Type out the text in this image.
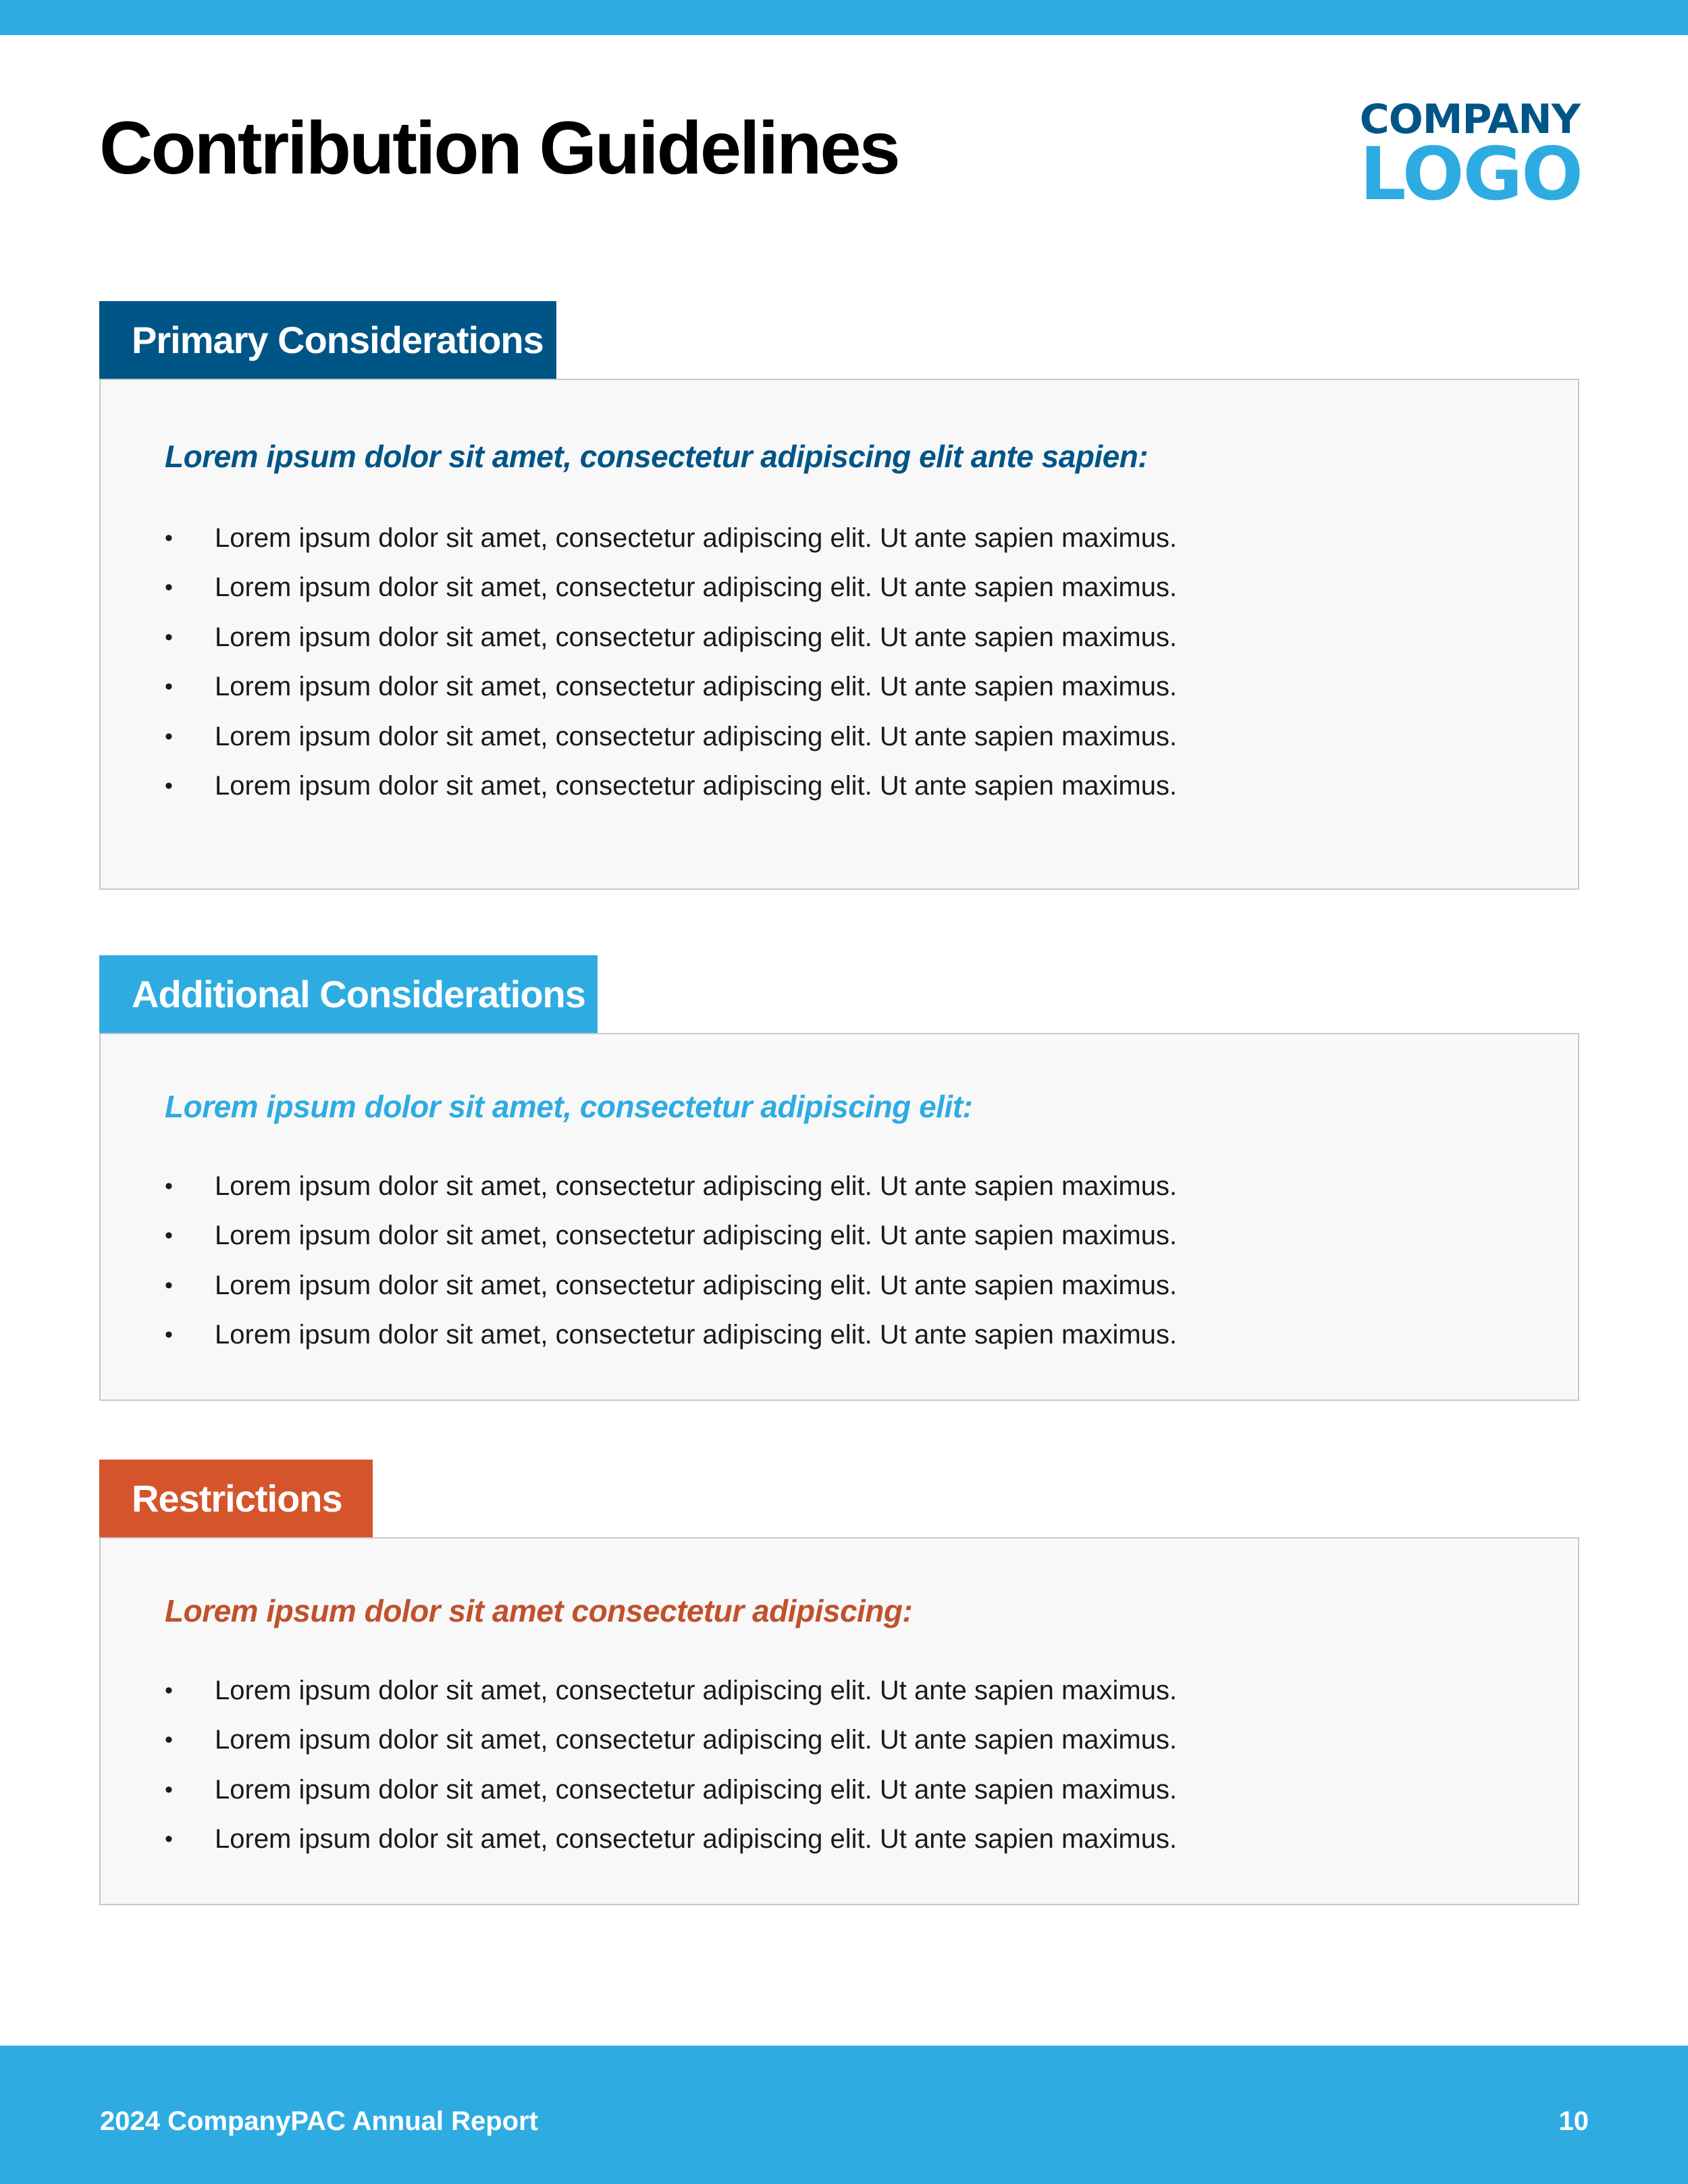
Contribution Guidelines	COMPANY
LOGO
Primary Considerations

Lorem ipsum dolor sit amet, consectetur adipiscing elit ante sapien:

• Lorem ipsum dolor sit amet, consectetur adipiscing elit. Ut ante sapien maximus.
• Lorem ipsum dolor sit amet, consectetur adipiscing elit. Ut ante sapien maximus.
• Lorem ipsum dolor sit amet, consectetur adipiscing elit. Ut ante sapien maximus.
• Lorem ipsum dolor sit amet, consectetur adipiscing elit. Ut ante sapien maximus.
• Lorem ipsum dolor sit amet, consectetur adipiscing elit. Ut ante sapien maximus.
• Lorem ipsum dolor sit amet, consectetur adipiscing elit. Ut ante sapien maximus.
Additional Considerations

Lorem ipsum dolor sit amet, consectetur adipiscing elit:

• Lorem ipsum dolor sit amet, consectetur adipiscing elit. Ut ante sapien maximus.
• Lorem ipsum dolor sit amet, consectetur adipiscing elit. Ut ante sapien maximus.
• Lorem ipsum dolor sit amet, consectetur adipiscing elit. Ut ante sapien maximus.
• Lorem ipsum dolor sit amet, consectetur adipiscing elit. Ut ante sapien maximus.
Restrictions

Lorem ipsum dolor sit amet consectetur adipiscing:

• Lorem ipsum dolor sit amet, consectetur adipiscing elit. Ut ante sapien maximus.
• Lorem ipsum dolor sit amet, consectetur adipiscing elit. Ut ante sapien maximus.
• Lorem ipsum dolor sit amet, consectetur adipiscing elit. Ut ante sapien maximus.
• Lorem ipsum dolor sit amet, consectetur adipiscing elit. Ut ante sapien maximus.
2024 CompanyPAC Annual Report	10
